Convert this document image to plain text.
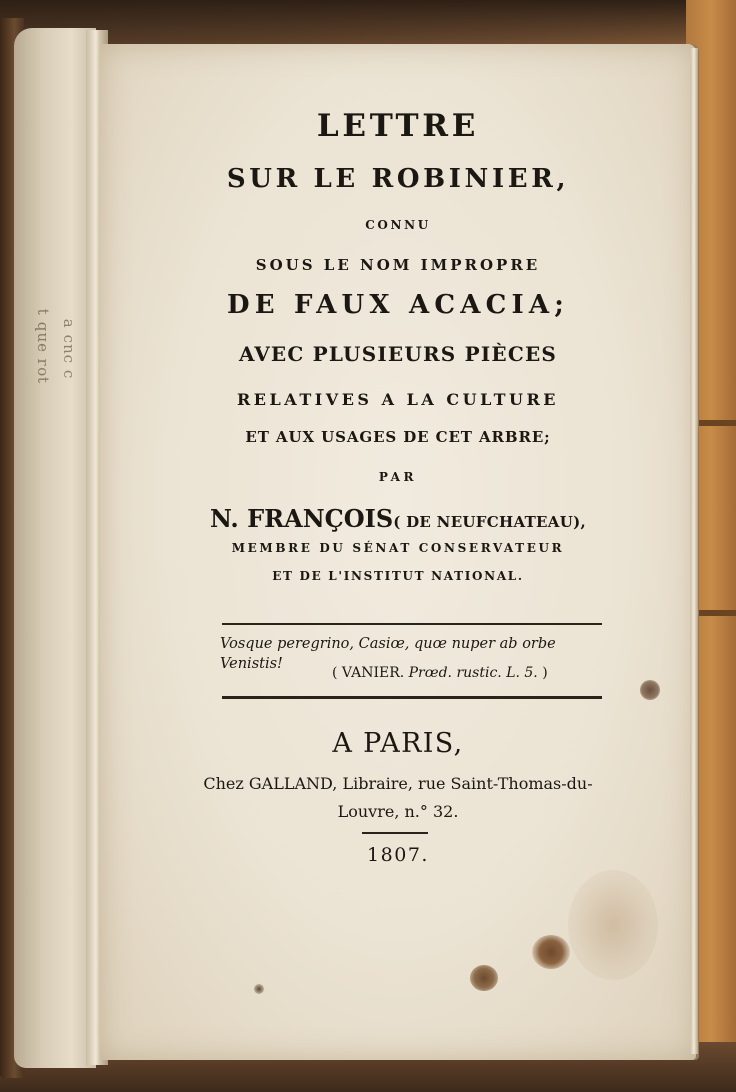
ɔ ɔuɔ ɐ
ʇoɹ ǝnb ʇ

LETTRE

SUR LE ROBINIER,

CONNU

SOUS LE NOM IMPROPRE

DE FAUX ACACIA;

AVEC PLUSIEURS PIÈCES

RELATIVES A LA CULTURE

ET AUX USAGES DE CET ARBRE;

PAR

N. FRANÇOIS( DE NEUFCHATEAU),

MEMBRE DU SÉNAT CONSERVATEUR

ET DE L'INSTITUT NATIONAL.

Vosque peregrino, Casiœ, quœ nuper ab orbe
Venistis!
( VANIER. Prœd. rustic. L. 5. )

A PARIS,

Chez GALLAND, Libraire, rue Saint-Thomas-du-

Louvre, n.° 32.

1807.
